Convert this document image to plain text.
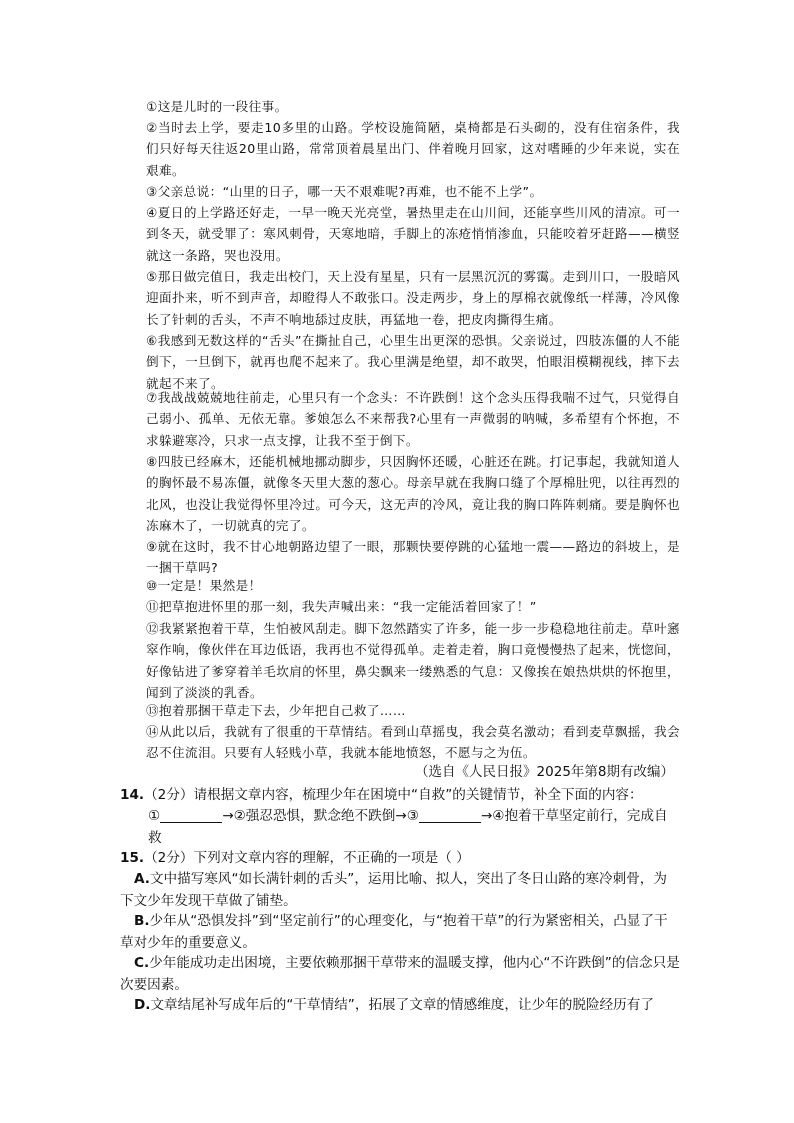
①这是儿时的一段往事。
②当时去上学，要走10多里的山路。学校设施简陋，桌椅都是石头砌的，没有住宿条件，我们只好每天往返20里山路，常常顶着晨星出门、伴着晚月回家，这对嗜睡的少年来说，实在艰难。
③父亲总说：“山里的日子，哪一天不艰难呢?再难，也不能不上学”。
④夏日的上学路还好走，一早一晚天光亮堂，暑热里走在山川间，还能享些川风的清凉。可一到冬天，就受罪了：寒风刺骨，天寒地暗，手脚上的冻疮悄悄渗血，只能咬着牙赶路——横竖就这一条路，哭也没用。
⑤那日做完值日，我走出校门，天上没有星星，只有一层黑沉沉的雾霭。走到川口，一股暗风迎面扑来，听不到声音，却瞪得人不敢张口。没走两步，身上的厚棉衣就像纸一样薄，冷风像长了针刺的舌头，不声不响地舔过皮肤，再猛地一卷，把皮肉撕得生痛。
⑥我感到无数这样的“舌头”在撕扯自己，心里生出更深的恐惧。父亲说过，四肢冻僵的人不能倒下，一旦倒下，就再也爬不起来了。我心里满是绝望，却不敢哭，怕眼泪模糊视线，摔下去就起不来了。
⑦我战战兢兢地往前走，心里只有一个念头：不许跌倒！这个念头压得我喘不过气，只觉得自己弱小、孤单、无依无靠。爹娘怎么不来帮我?心里有一声微弱的呐喊，多希望有个怀抱，不求躲避寒冷，只求一点支撑，让我不至于倒下。
⑧四肢已经麻木，还能机械地挪动脚步，只因胸怀还暖，心脏还在跳。打记事起，我就知道人的胸怀最不易冻僵，就像冬天里大葱的葱心。母亲早就在我胸口缝了个厚棉肚兜，以往再烈的北风，也没让我觉得怀里冷过。可今天，这无声的冷风，竟让我的胸口阵阵刺痛。要是胸怀也冻麻木了，一切就真的完了。
⑨就在这时，我不甘心地朝路边望了一眼，那颗快要停跳的心猛地一震——路边的斜坡上，是一捆干草吗?
⑩一定是！果然是！
⑪把草抱进怀里的那一刻，我失声喊出来：“我一定能活着回家了！”
⑫我紧紧抱着干草，生怕被风刮走。脚下忽然踏实了许多，能一步一步稳稳地往前走。草叶窸窣作响，像伙伴在耳边低语，我再也不觉得孤单。走着走着，胸口竟慢慢热了起来，恍惚间，好像钻进了爹穿着羊毛坎肩的怀里，鼻尖飘来一缕熟悉的气息：又像挨在娘热烘烘的怀抱里，闻到了淡淡的乳香。
⑬抱着那捆干草走下去，少年把自己救了……
⑭从此以后，我就有了很重的干草情结。看到山草摇曳，我会莫名激动；看到麦草飘摇，我会忍不住流泪。只要有人轻贱小草，我就本能地愤怒，不愿与之为伍。
（选自《人民日报》2025年第8期有改编）
14.（2分）请根据文章内容，梳理少年在困境中“自救”的关键情节，补全下面的内容：
①	→②强忍恐惧，默念绝不跌倒→③	→④抱着干草坚定前行，完成自救
15.（2分）下列对文章内容的理解，不正确的一项是（ ）
A.文中描写寒风“如长满针刺的舌头”，运用比喻、拟人，突出了冬日山路的寒冷刺骨，为下文少年发现干草做了铺垫。
B.少年从“恐惧发抖”到“坚定前行”的心理变化，与“抱着干草”的行为紧密相关，凸显了干草对少年的重要意义。
C.少年能成功走出困境，主要依赖那捆干草带来的温暖支撑，他内心“不许跌倒”的信念只是次要因素。
D.文章结尾补写成年后的“干草情结”，拓展了文章的情感维度，让少年的脱险经历有了
